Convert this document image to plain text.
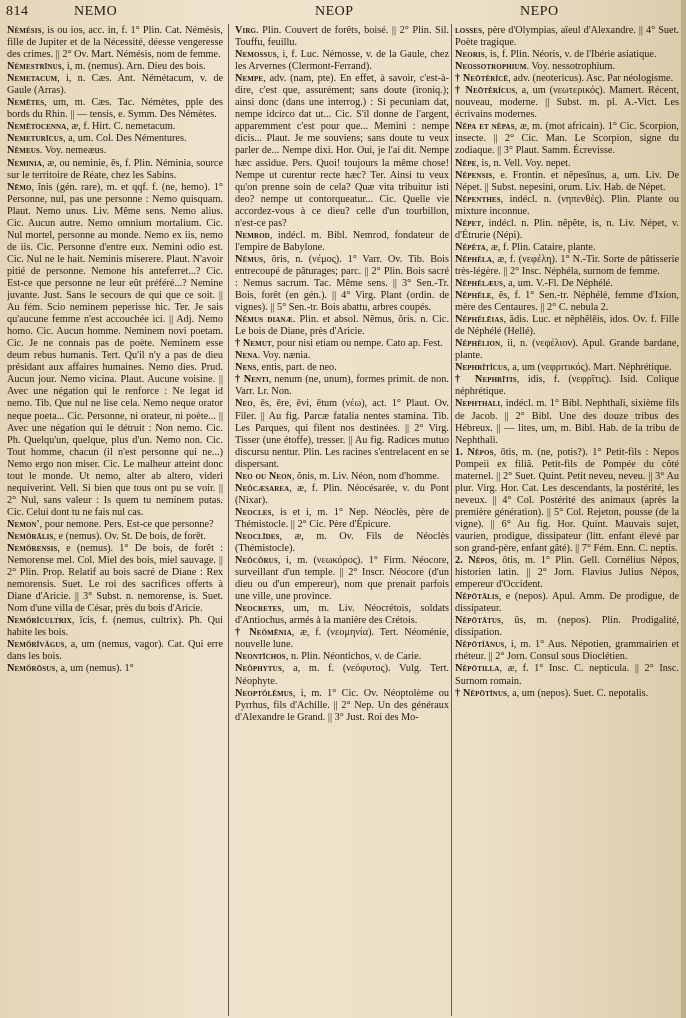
814	NEMO	NEOP	NEPO

Némésis, is ou ios, acc. in, f. 1° Plin. Cat. Némésis, fille de Jupiter et de la Nécessité, déesse vengeresse des crimes. || 2° Ov. Mart. Némésis, nom de femme.

Némestrīnus, i, m. (nemus). Arn. Dieu des bois.

Nemetacum, i, n. Cæs. Ant. Némétacum, v. de Gaule (Arras).

Nemētes, um, m. Cæs. Tac. Némètes, pple des bords du Rhin. || — tensis, e. Symm. Des Némètes.

Nemētocenna, æ, f. Hirt. C. nemetacum.

Nemeturīcus, a, um. Col. Des Némentures.

Nēmeus. Voy. nemeæus.

Neminia, æ, ou neminie, ēs, f. Plin. Néminia, source sur le territoire de Réate, chez les Sabins.

Nēmo, ĭnis (gén. rare), m. et qqf. f. (ne, hemo). 1° Personne, nul, pas une personne : Nemo quisquam. Plaut. Nemo unus. Liv. Même sens. Nemo alius. Cic. Aucun autre. Nemo omnium mortalium. Cic. Nul mortel, personne au monde. Nemo ex iis, nemo de iis. Cic. Personne d'entre eux. Nemini odio est. Cic. Nul ne le hait. Neminis miserere. Plaut. N'avoir pitié de personne. Nemone his anteferret...? Cic. Est-ce que personne ne leur eût préféré...? Nemine juvante. Just. Sans le secours de qui que ce soit. || Au fém. Scio neminem peperisse hic. Ter. Je sais qu'aucune femme n'est accouchée ici. || Adj. Nemo homo. Cic. Aucun homme. Neminem novi poetam. Cic. Je ne connais pas de poète. Neminem esse deum rebus humanis. Tert. Qu'il n'y a pas de dieu présidant aux affaires humaines. Nemo dies. Prud. Aucun jour. Nemo vicina. Plaut. Aucune voisine. || Avec une négation qui le renforce : Ne legat id nemo. Tib. Que nul ne lise cela. Nemo neque orator neque poeta... Cic. Personne, ni orateur, ni poète... || Avec une négation qui le détruit : Non nemo. Cic. Ph. Quelqu'un, quelque, plus d'un. Nemo non. Cic. Tout homme, chacun (il n'est personne qui ne...) Nemo ergo non miser. Cic. Le malheur atteint donc tout le monde. Ut nemo, alter ab altero, videri nequiverint. Vell. Si bien que tous ont pu se voir. || 2° Nul, sans valeur : Is quem tu neminem putas. Cic. Celui dont tu ne fais nul cas.

Nemon', pour nemone. Pers. Est-ce que personne?

Nemŏrālis, e (nemus). Ov. St. De bois, de forêt.

Nemŏrensis, e (nemus). 1° De bois, de forêt : Nemorense mel. Col. Miel des bois, miel sauvage. || 2° Plin. Prop. Relatif au bois sacré de Diane : Rex nemorensis. Suet. Le roi des sacrifices offerts à Diane d'Aricie. || 3° Subst. n. nemorense, is. Suet. Nom d'une villa de César, près du bois d'Aricie.

Nemŏrĭcultrix, īcis, f. (nemus, cultrix). Ph. Qui habite les bois.

Nemŏrĭvăgus, a, um (nemus, vagor). Cat. Qui erre dans les bois.

Nemŏrōsus, a, um (nemus). 1°

Virg. Plin. Couvert de forêts, boisé. || 2° Plin. Sil. Touffu, feuillu.

Nemossus, i, f. Luc. Némosse, v. de la Gaule, chez les Arvernes (Clermont-Ferrand).

Nempe, adv. (nam, pte). En effet, à savoir, c'est-à-dire, c'est que, assurément; sans doute (ironiq.); ainsi donc (dans une interrog.) : Si pecuniam dat, nempe idcirco dat ut... Cic. S'il donne de l'argent, apparemment c'est pour que... Memini : nempe dicis... Plaut. Je me souviens; sans doute tu veux parler de... Nempe dixi. Hor. Oui, je l'ai dit. Nempe hæc assidue. Pers. Quoi! toujours la même chose! Nempe ut curentur recte hæc? Ter. Ainsi tu veux qu'on prenne soin de cela? Quæ vita tribuitur isti deo? nempe ut contorqueatur... Cic. Quelle vie accordez-vous à ce dieu? celle d'un tourbillon, n'est-ce pas?

Nemrod, indécl. m. Bibl. Nemrod, fondateur de l'empire de Babylone.

Nĕmus, ŏris, n. (νέμος). 1° Varr. Ov. Tib. Bois entrecoupé de pâturages; parc. || 2° Plin. Bois sacré : Nemus sacrum. Tac. Même sens. || 3° Sen.-Tr. Bois, forêt (en gén.). || 4° Virg. Plant (ordin. de vignes). || 5° Sen.-tr. Bois abattu, arbres coupés.

Nĕmus dianæ. Plin. et absol. Nĕmus, ŏris. n. Cic. Le bois de Diane, près d'Aricie.

† Nemut, pour nisi etiam ou nempe. Cato ap. Fest.

Nena. Voy. nænia.

Nens, entis, part. de neo.

† Nenti, nenum (ne, unum), formes primit. de non. Varr. Lr. Non.

Neo, ēs, ēre, ēvi, ētum (νέω), act. 1° Plaut. Ov. Filer. || Au fig. Parcæ fatalia nentes stamina. Tib. Les Parques, qui filent nos destinées. || 2° Virg. Tisser (une étoffe), tresser. || Au fig. Radices mutuo discursu nentur. Plin. Les racines s'entrelacent en se dispersant.

Neo ou Neon, ŏnis, m. Liv. Néon, nom d'homme.

Neŏcæsarea, æ, f. Plin. Néocésarée, v. du Pont (Nixar).

Neocles, is et i, m. 1° Nep. Néoclès, père de Thémistocle. || 2° Cic. Père d'Épicure.

Neoclīdes, æ, m. Ov. Fils de Néoclès (Thémistocle).

Neŏcŏrus, i, m. (νεωκόρος). 1° Firm. Néocore, surveillant d'un temple. || 2° Inscr. Néocore (d'un dieu ou d'un empereur), nom que prenait parfois une ville, une province.

Neocretes, um, m. Liv. Néocrétois, soldats d'Antiochus, armés à la manière des Crétois.

† Neŏmēnia, æ, f. (νεομηνία). Tert. Néoménie, nouvelle lune.

Neontīchos, n. Plin. Néontichos, v. de Carie.

Neŏphytus, a, m. f. (νεόφυτος). Vulg. Tert. Néophyte.

Neoptŏlĕmus, i, m. 1° Cic. Ov. Néoptolème ou Pyrrhus, fils d'Achille. || 2° Nep. Un des généraux d'Alexandre le Grand. || 3° Just. Roi des Mo-

losses, père d'Olympias, aïeul d'Alexandre. || 4° Suet. Poète tragique.

Neoris, is, f. Plin. Néoris, v. de l'Ibérie asiatique.

Neossotrophium. Voy. nessotrophium.

† Neōtĕrĭcē, adv. (neotericus). Asc. Par néologisme.

† Neōtĕrĭcus, a, um (νεωτερικός). Mamert. Récent, nouveau, moderne. || Subst. m. pl. A.-Vict. Les écrivains modernes.

Nĕpa et nĕpas, æ, m. (mot africain). 1° Cic. Scorpion, insecte. || 2° Cic. Man. Le Scorpion, signe du zodiaque. || 3° Plaut. Samm. Écrevisse.

Nĕpe, is, n. Vell. Voy. nepet.

Nĕpensis, e. Frontin. et nĕpesīnus, a, um. Liv. De Népet. || Subst. nepesini, orum. Liv. Hab. de Népet.

Nĕpenthes, indécl. n. (νηπενθές). Plin. Plante ou mixture inconnue.

Nĕpet, indécl. n. Plin. nĕpĕte, is, n. Liv. Népet, v. d'Étrurie (Népi).

Nĕpĕta, æ, f. Plin. Cataire, plante.

Nĕphĕla, æ, f. (νεφέλη). 1° N.-Tir. Sorte de pâtisserie très-légère. || 2° Insc. Néphéla, surnom de femme.

Nĕphĕlæus, a, um. V.-Fl. De Néphélé.

Nĕphĕle, ēs, f. 1° Sen.-tr. Néphélé, femme d'Ixion, mère des Centaures. || 2° C. nebula 2.

Nĕphĕlēias, ădis. Luc. et nĕphĕlēis, idos. Ov. f. Fille de Néphélé (Hellé).

Nĕphĕlion, ii, n. (νεφέλιον). Apul. Grande bardane, plante.

Nephrĭtĭcus, a, um (νεφριτικός). Mart. Néphrétique.

† Nephrītis, idis, f. (νεφρῖτις). Isid. Colique néphrétique.

Nephthali, indécl. m. 1° Bibl. Nephthali, sixième fils de Jacob. || 2° Bibl. Une des douze tribus des Hébreux. || — lites, um, m. Bibl. Hab. de la tribu de Nephthali.

1. Nĕpos, ōtis, m. (ne, potis?). 1° Petit-fils : Nepos Pompeii ex filiâ. Petit-fils de Pompée du côté maternel. || 2° Suet. Quint. Petit neveu, neveu. || 3° Au plur. Virg. Hor. Cat. Les descendants, la postérité, les neveux. || 4° Col. Postérité des animaux (après la première génération). || 5° Col. Rejeton, pousse (de la vigne). || 6° Au fig. Hor. Quint. Mauvais sujet, vaurien, prodigue, dissipateur (litt. enfant élevé par son grand-père, enfant gâté). || 7° Fém. Enn. C. neptis.

2. Nĕpos, ōtis, m. 1° Plin. Gell. Cornélius Népos, historien latin. || 2° Jorn. Flavius Julius Népos, empereur d'Occident.

Nĕpōtālis, e (nepos). Apul. Amm. De prodigue, de dissipateur.

Nĕpōtātus, ūs, m. (nepos). Plin. Prodigalité, dissipation.

Nĕpōtĭānus, i, m. 1° Aus. Népotien, grammairien et rhéteur. || 2° Jorn. Consul sous Dioclétien.

Nĕpōtilla, æ, f. 1° Insc. C. nepticula. || 2° Insc. Surnom romain.

† Nĕpōtīnus, a, um (nepos). Suet. C. nepotalis.
